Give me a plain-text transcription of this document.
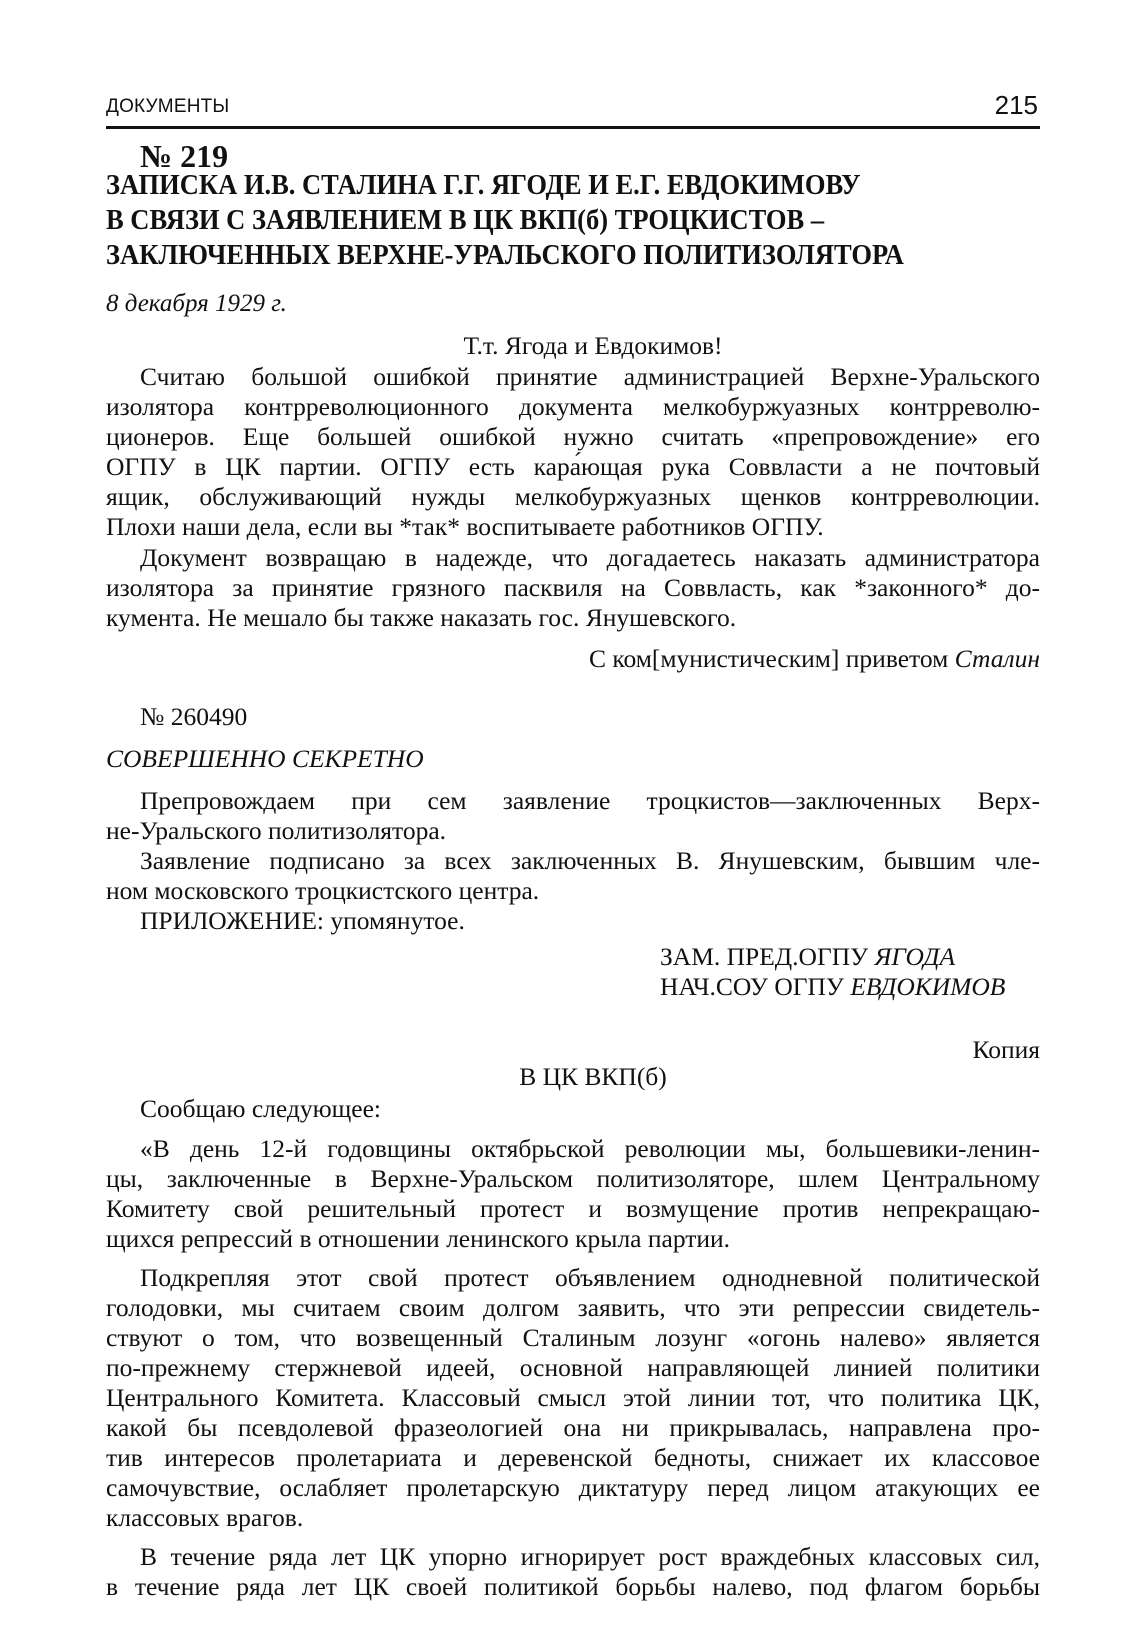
ДОКУМЕНТЫ	215
№ 219
ЗАПИСКА И.В. СТАЛИНА Г.Г. ЯГОДЕ И Е.Г. ЕВДОКИМОВУ
В СВЯЗИ С ЗАЯВЛЕНИЕМ В ЦК ВКП(б) ТРОЦКИСТОВ –
ЗАКЛЮЧЕННЫХ ВЕРХНЕ-УРАЛЬСКОГО ПОЛИТИЗОЛЯТОРА
8 декабря 1929 г.
Т.т. Ягода и Евдокимов!
Считаю большой ошибкой принятие администрацией Верхне-Уральского
изолятора контрреволюционного документа мелкобуржуазных контрреволю-
ционеров. Еще большей ошибкой нужно считать «препровождение» его
ОГПУ в ЦК партии. ОГПУ есть кара́ющая рука Соввласти а не почтовый
ящик, обслуживающий нужды мелкобуржуазных щенков контрреволюции.
Плохи наши дела, если вы *так* воспитываете работников ОГПУ.
Документ возвращаю в надежде, что догадаетесь наказать администратора
изолятора за принятие грязного пасквиля на Соввласть, как *законного* до-
кумента. Не мешало бы также наказать гос. Янушевского.
С ком[мунистическим] приветом Сталин
№ 260490
СОВЕРШЕННО СЕКРЕТНО
Препровождаем при сем заявление троцкистов—заключенных Верх-
не-Уральского политизолятора.
Заявление подписано за всех заключенных В. Янушевским, бывшим чле-
ном московского троцкистского центра.
ПРИЛОЖЕНИЕ: упомянутое.
ЗАМ. ПРЕД.ОГПУ ЯГОДА
НАЧ.СОУ ОГПУ ЕВДОКИМОВ
Копия
В ЦК ВКП(б)
Сообщаю следующее:
«В день 12-й годовщины октябрьской революции мы, большевики-ленин-
цы, заключенные в Верхне-Уральском политизоляторе, шлем Центральному
Комитету свой решительный протест и возмущение против непрекращаю-
щихся репрессий в отношении ленинского крыла партии.
Подкрепляя этот свой протест объявлением однодневной политической
голодовки, мы считаем своим долгом заявить, что эти репрессии свидетель-
ствуют о том, что возвещенный Сталиным лозунг «огонь налево» является
по-прежнему стержневой идеей, основной направляющей линией политики
Центрального Комитета. Классовый смысл этой линии тот, что политика ЦК,
какой бы псевдолевой фразеологией она ни прикрывалась, направлена про-
тив интересов пролетариата и деревенской бедноты, снижает их классовое
самочувствие, ослабляет пролетарскую диктатуру перед лицом атакующих ее
классовых врагов.
В течение ряда лет ЦК упорно игнорирует рост враждебных классовых сил,
в течение ряда лет ЦК своей политикой борьбы налево, под флагом борьбы
